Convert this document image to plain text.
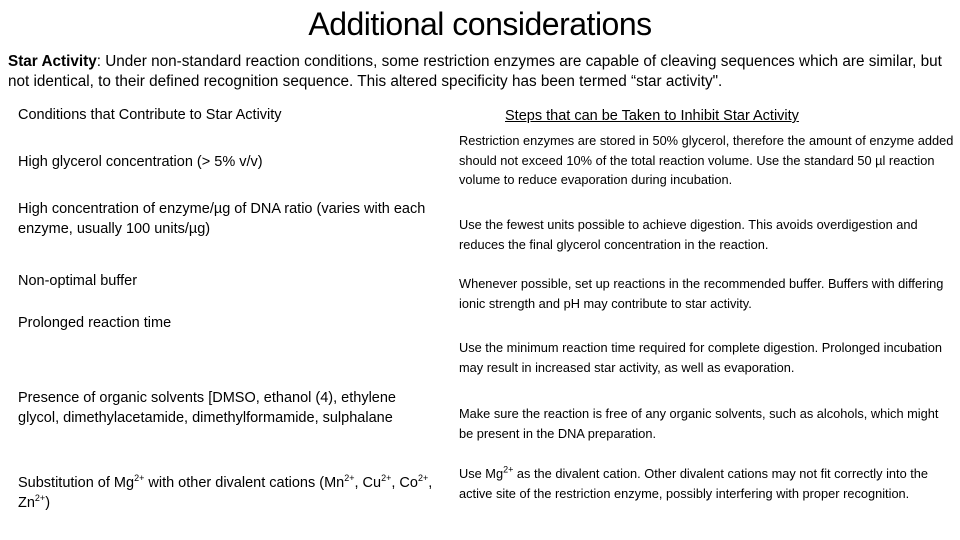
Additional considerations
Star Activity: Under non-standard reaction conditions, some restriction enzymes are capable of cleaving sequences which are similar, but not identical, to their defined recognition sequence. This altered specificity has been termed “star activity".
Conditions that Contribute to Star Activity	Steps that can be Taken to Inhibit Star Activity
High glycerol concentration (> 5% v/v)
High concentration of enzyme/µg of DNA ratio (varies with each enzyme, usually 100 units/µg)
Non-optimal buffer
Prolonged reaction time
Presence of organic solvents [DMSO, ethanol (4), ethylene glycol, dimethylacetamide, dimethylformamide, sulphalane
Substitution of $Mg^{2+}$ with other divalent cations ($Mn^{2+}$, $Cu^{2+}$, $Co^{2+}$, $Zn^{2+}$)
Restriction enzymes are stored in 50% glycerol, therefore the amount of enzyme added should not exceed 10% of the total reaction volume. Use the standard 50 µl reaction volume to reduce evaporation during incubation.
Use the fewest units possible to achieve digestion. This avoids overdigestion and reduces the final glycerol concentration in the reaction.
Whenever possible, set up reactions in the recommended buffer. Buffers with differing ionic strength and pH may contribute to star activity.
Use the minimum reaction time required for complete digestion. Prolonged incubation may result in increased star activity, as well as evaporation.
Make sure the reaction is free of any organic solvents, such as alcohols, which might be present in the DNA preparation.
Use $Mg^{2+}$ as the divalent cation. Other divalent cations may not fit correctly into the active site of the restriction enzyme, possibly interfering with proper recognition.
